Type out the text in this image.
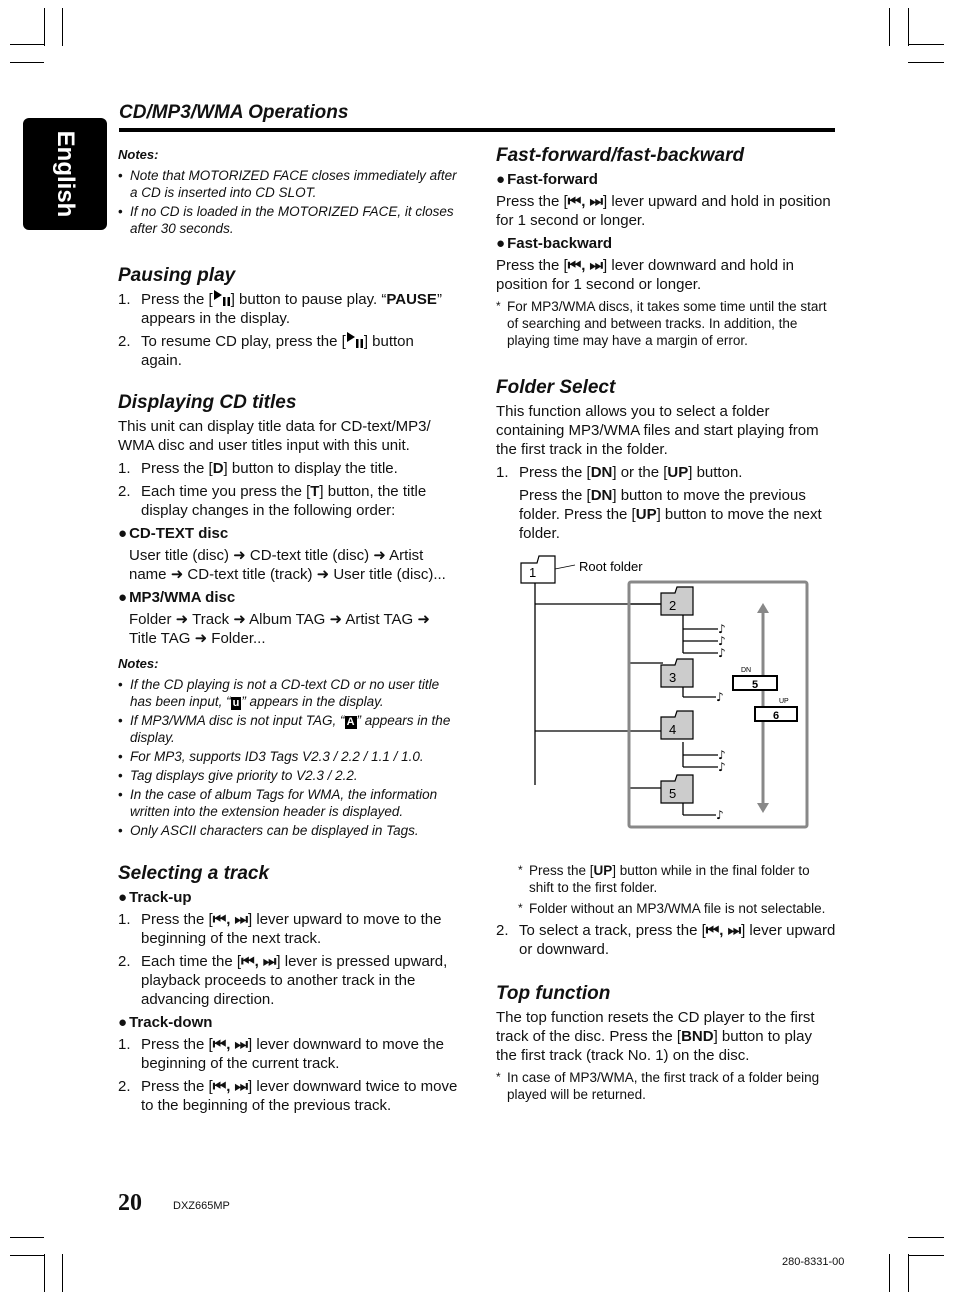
English
CD/MP3/WMA Operations
Notes:
• Note that MOTORIZED FACE closes immediately after a CD is inserted into CD SLOT.
• If no CD is loaded in the MOTORIZED FACE, it closes after 30 seconds.
Pausing play
1. Press the [ ] button to pause play. “PAUSE” appears in the display.
2. To resume CD play, press the [ ] button again.
Displaying CD titles

This unit can display title data for CD-text/MP3/ WMA disc and user titles input with this unit.

1. Press the [D] button to display the title.
2. Each time you press the [T] button, the title display changes in the following order:
● CD-TEXT disc

User title (disc) ➜ CD-text title (disc) ➜ Artist name ➜ CD-text title (track) ➜ User title (disc)...

● MP3/WMA disc

Folder ➜ Track ➜ Album TAG ➜ Artist TAG ➜ Title TAG ➜ Folder...

Notes:
• If the CD playing is not a CD-text CD or no user title has been input, “ u ” appears in the display.
• If MP3/WMA disc is not input TAG, “ A ” appears in the display.
• For MP3, supports ID3 Tags V2.3 / 2.2 / 1.1 / 1.0.
• Tag displays give priority to V2.3 / 2.2.
• In the case of album Tags for WMA, the information written into the extension header is displayed.
• Only ASCII characters can be displayed in Tags.
Selecting a track
● Track-up
1. Press the [⏮, ⏭] lever upward to move to the beginning of the next track.
2. Each time the [⏮, ⏭] lever is pressed upward, playback proceeds to another track in the advancing direction.
● Track-down
1. Press the [⏮, ⏭] lever downward to move the beginning of the current track.
2. Press the [⏮, ⏭] lever downward twice to move to the beginning of the previous track.
Fast-forward/fast-backward
● Fast-forward

Press the [⏮, ⏭] lever upward and hold in position for 1 second or longer.

● Fast-backward

Press the [⏮, ⏭] lever downward and hold in position for 1 second or longer.

* For MP3/WMA discs, it takes some time until the start of searching and between tracks. In addition, the playing time may have a margin of error.
Folder Select

This function allows you to select a folder containing MP3/WMA files and start playing from the first track in the folder.

1. Press the [DN] or the [UP] button.
Press the [DN] button to move the previous folder. Press the [UP] button to move the next folder.
* Press the [UP] button while in the final folder to shift to the first folder.
* Folder without an MP3/WMA file is not selectable.
2. To select a track, press the [⏮, ⏭] lever upward or downward.
Top function

The top function resets the CD player to the first track of the disc. Press the [BND] button to play the first track (track No. 1) on the disc.

* In case of MP3/WMA, the first track of a folder being played will be returned.
1	Root folder
2
3
4
5
♪
♪
♪
♪
♪
♪
♪
DN
5
UP
6
20	DXZ665MP
280-8331-00
